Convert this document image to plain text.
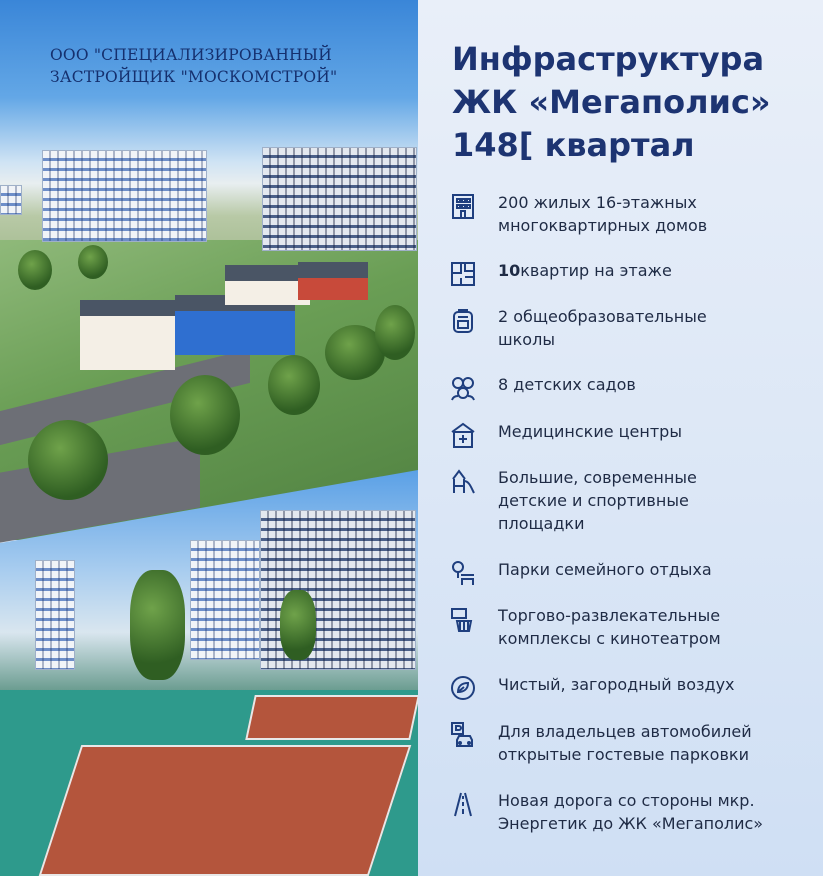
ООО "СПЕЦИАЛИЗИРОВАННЫЙ
ЗАСТРОЙЩИК "МОСКОМСТРОЙ"	Инфраструктура
ЖК «Мегаполис»
148[ квартал
200 жилых 16-этажных
многоквартирных домов
10квартир на этаже
2 общеобразовательные
школы
8 детских садов
Медицинские центры
Большие, современные
детские и спортивные
площадки
Парки семейного отдыха
Торгово-развлекательные
комплексы с кинотеатром
Чистый, загородный воздух
Для владельцев автомобилей
открытые гостевые парковки
Новая дорога со стороны мкр.
Энергетик до ЖК «Мегаполис»
